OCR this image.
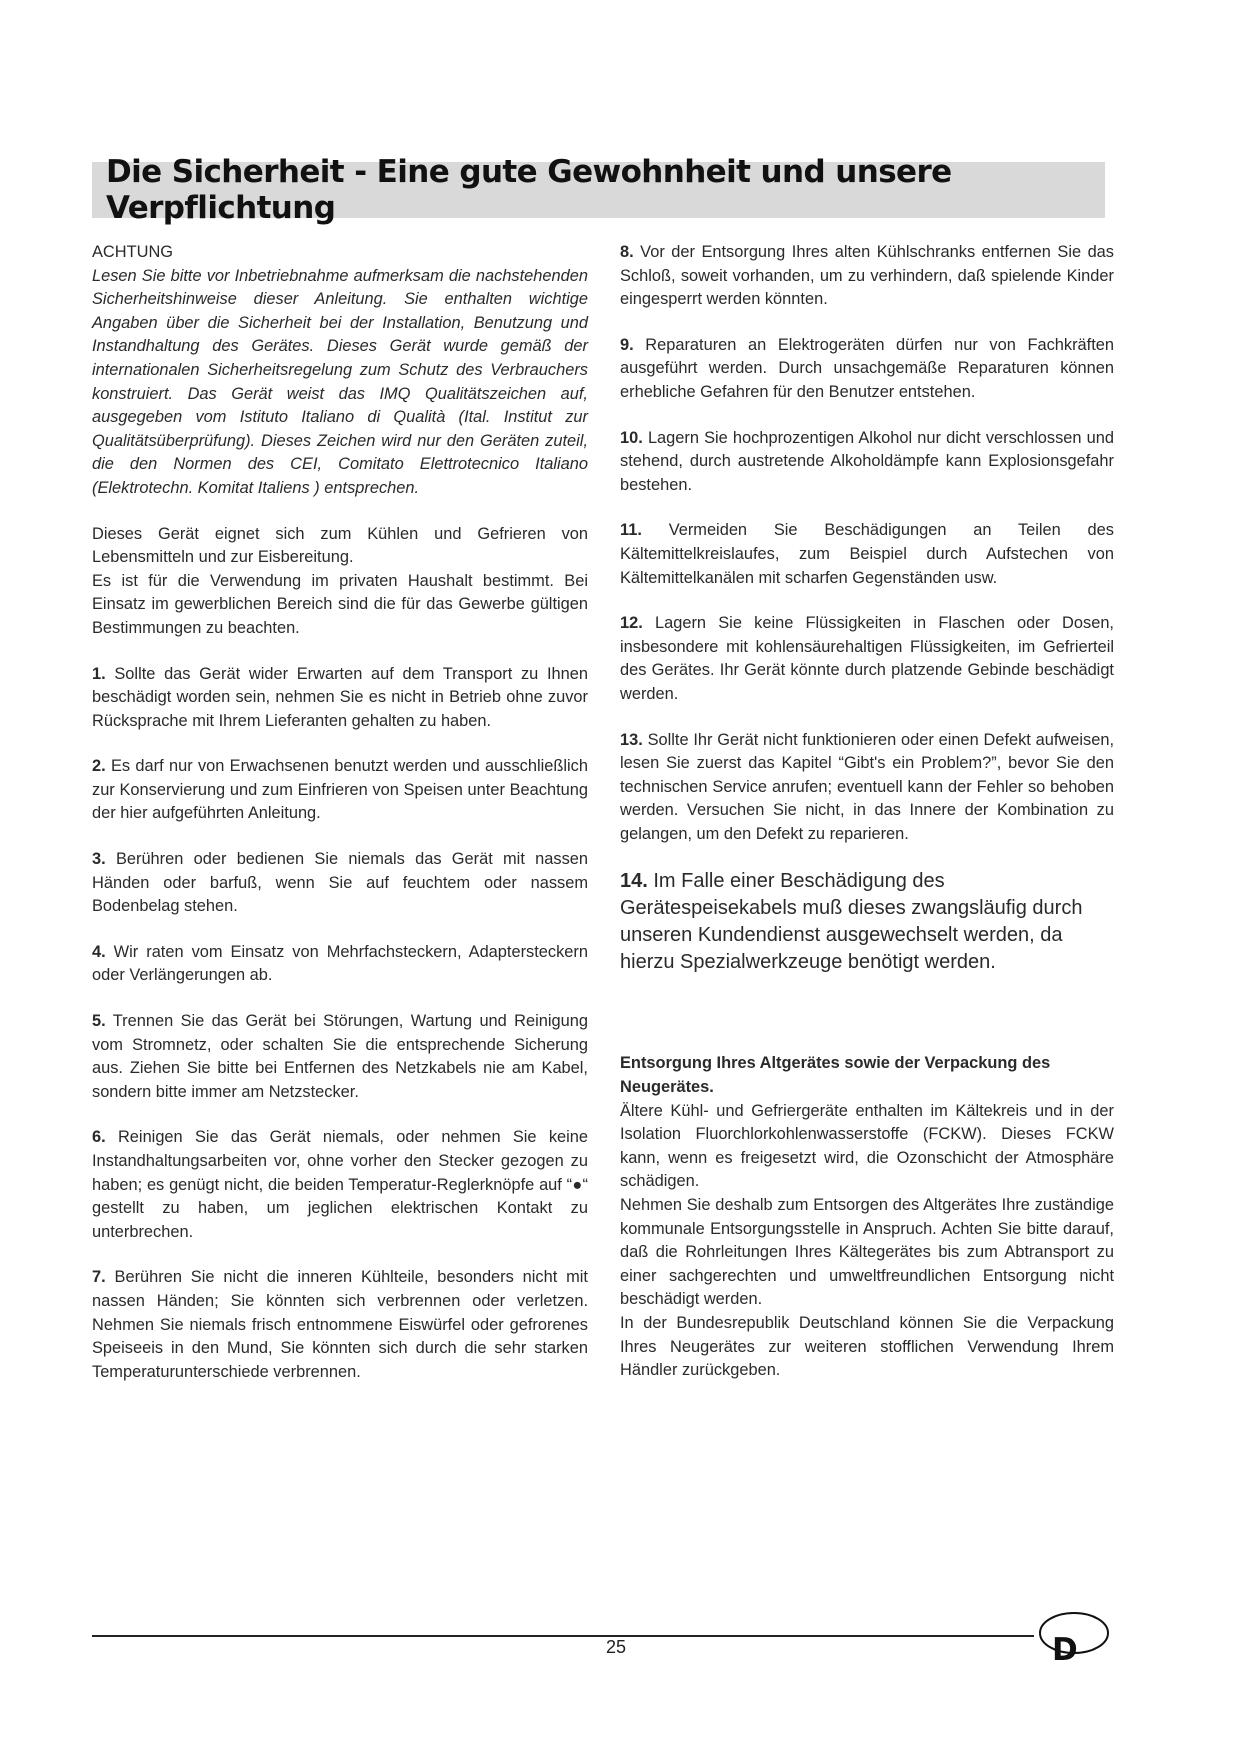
Die Sicherheit - Eine gute Gewohnheit und unsere Verpflichtung

ACHTUNG

Lesen Sie bitte vor Inbetriebnahme aufmerksam die nachstehenden Sicherheitshinweise dieser Anleitung. Sie enthalten wichtige Angaben über die Sicherheit bei der Installation, Benutzung und Instandhaltung des Gerätes. Dieses Gerät wurde gemäß der internationalen Sicherheitsregelung zum Schutz des Verbrauchers konstruiert. Das Gerät weist das IMQ Qualitätszeichen auf, ausgegeben vom Istituto Italiano di Qualità (Ital. Institut zur Qualitätsüberprüfung). Dieses Zeichen wird nur den Geräten zuteil, die den Normen des CEI, Comitato Elettrotecnico Italiano (Elektrotechn. Komitat Italiens ) entsprechen.

Dieses Gerät eignet sich zum Kühlen und Gefrieren von Lebensmitteln und zur Eisbereitung.

Es ist für die Verwendung im privaten Haushalt bestimmt. Bei Einsatz im gewerblichen Bereich sind die für das Gewerbe gültigen Bestimmungen zu beachten.

1. Sollte das Gerät wider Erwarten auf dem Transport zu Ihnen beschädigt worden sein, nehmen Sie es nicht in Betrieb ohne zuvor Rücksprache mit Ihrem Lieferanten gehalten zu haben.

2. Es darf nur von Erwachsenen benutzt werden und ausschließlich zur Konservierung und zum Einfrieren von Speisen unter Beachtung der hier aufgeführten Anleitung.

3. Berühren oder bedienen Sie niemals das Gerät mit nassen Händen oder barfuß, wenn Sie auf feuchtem oder nassem Bodenbelag stehen.

4. Wir raten vom Einsatz von Mehrfachsteckern, Adaptersteckern oder Verlängerungen ab.

5. Trennen Sie das Gerät bei Störungen, Wartung und Reinigung vom Stromnetz, oder schalten Sie die entsprechende Sicherung aus. Ziehen Sie bitte bei Entfernen des Netzkabels nie am Kabel, sondern bitte immer am Netzstecker.

6. Reinigen Sie das Gerät niemals, oder nehmen Sie keine Instandhaltungsarbeiten vor, ohne vorher den Stecker gezogen zu haben; es genügt nicht, die beiden Temperatur-Reglerknöpfe auf “●“ gestellt zu haben, um jeglichen elektrischen Kontakt zu unterbrechen.

7. Berühren Sie nicht die inneren Kühlteile, besonders nicht mit nassen Händen; Sie könnten sich verbrennen oder verletzen. Nehmen Sie niemals frisch entnommene Eiswürfel oder gefrorenes Speiseeis in den Mund, Sie könnten sich durch die sehr starken Temperaturunterschiede verbrennen.

8. Vor der Entsorgung Ihres alten Kühlschranks entfernen Sie das Schloß, soweit vorhanden, um zu verhindern, daß spielende Kinder eingesperrt werden könnten.

9. Reparaturen an Elektrogeräten dürfen nur von Fachkräften ausgeführt werden. Durch unsachgemäße Reparaturen können erhebliche Gefahren für den Benutzer entstehen.

10. Lagern Sie hochprozentigen Alkohol nur dicht verschlossen und stehend, durch austretende Alkoholdämpfe kann Explosionsgefahr bestehen.

11. Vermeiden Sie Beschädigungen an Teilen des Kältemittelkreislaufes, zum Beispiel durch Aufstechen von Kältemittelkanälen mit scharfen Gegenständen usw.

12. Lagern Sie keine Flüssigkeiten in Flaschen oder Dosen, insbesondere mit kohlensäurehaltigen Flüssigkeiten, im Gefrierteil des Gerätes. Ihr Gerät könnte durch platzende Gebinde beschädigt werden.

13. Sollte Ihr Gerät nicht funktionieren oder einen Defekt aufweisen, lesen Sie zuerst das Kapitel “Gibt's ein Problem?”, bevor Sie den technischen Service anrufen; eventuell kann der Fehler so behoben werden. Versuchen Sie nicht, in das Innere der Kombination zu gelangen, um den Defekt zu reparieren.

14. Im Falle einer Beschädigung des Gerätespeisekabels muß dieses zwangsläufig durch unseren Kundendienst ausgewechselt werden, da hierzu Spezialwerkzeuge benötigt werden.

Entsorgung Ihres Altgerätes sowie der Verpackung des Neugerätes.

Ältere Kühl- und Gefriergeräte enthalten im Kältekreis und in der Isolation Fluorchlorkohlenwasserstoffe (FCKW). Dieses FCKW kann, wenn es freigesetzt wird, die Ozonschicht der Atmosphäre schädigen.

Nehmen Sie deshalb zum Entsorgen des Altgerätes Ihre zuständige kommunale Entsorgungsstelle in Anspruch. Achten Sie bitte darauf, daß die Rohrleitungen Ihres Kältegerätes bis zum Abtransport zu einer sachgerechten und umweltfreundlichen Entsorgung nicht beschädigt werden.

In der Bundesrepublik Deutschland können Sie die Verpackung Ihres Neugerätes zur weiteren stofflichen Verwendung Ihrem Händler zurückgeben.

25	D
